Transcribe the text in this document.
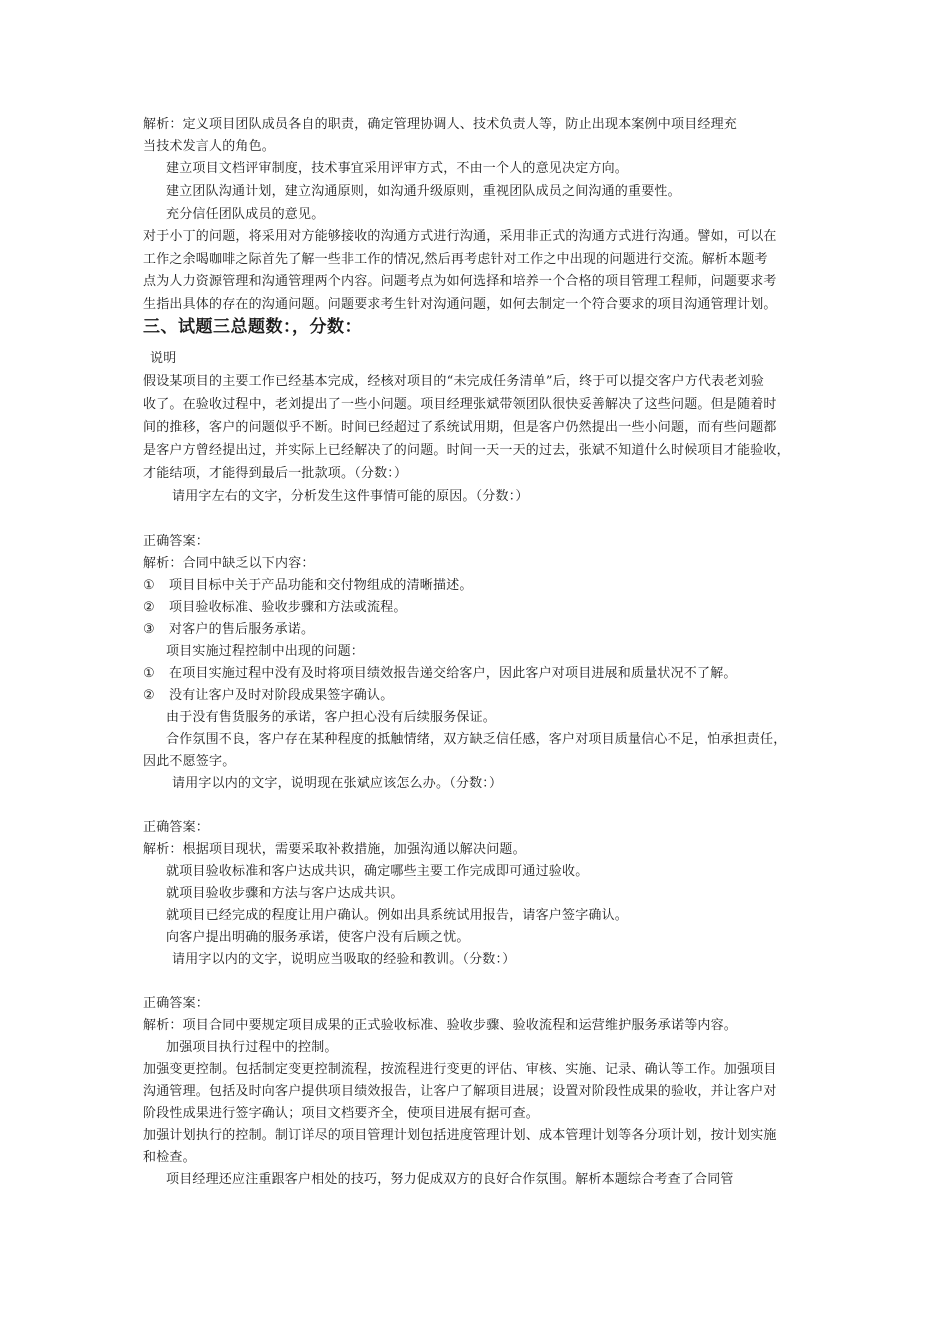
解析：定义项目团队成员各自的职责，确定管理协调人、技术负责人等，防止出现本案例中项目经理充
当技术发言人的角色。
建立项目文档评审制度，技术事宜采用评审方式，不由一个人的意见决定方向。
建立团队沟通计划，建立沟通原则，如沟通升级原则，重视团队成员之间沟通的重要性。
充分信任团队成员的意见。
对于小丁的问题，将采用对方能够接收的沟通方式进行沟通，采用非正式的沟通方式进行沟通。譬如，可以在
工作之余喝咖啡之际首先了解一些非工作的情况,然后再考虑针对工作之中出现的问题进行交流。解析本题考
点为人力资源管理和沟通管理两个内容。问题考点为如何选择和培养一个合格的项目管理工程师，问题要求考
生指出具体的存在的沟通问题。问题要求考生针对沟通问题，如何去制定一个符合要求的项目沟通管理计划。
三、试题三总题数：，分数：
说明
假设某项目的主要工作已经基本完成，经核对项目的“未完成任务清单”后，终于可以提交客户方代表老刘验
收了。在验收过程中，老刘提出了一些小问题。项目经理张斌带领团队很快妥善解决了这些问题。但是随着时
间的推移，客户的问题似乎不断。时间已经超过了系统试用期，但是客户仍然提出一些小问题，而有些问题都
是客户方曾经提出过，并实际上已经解决了的问题。时间一天一天的过去，张斌不知道什么时候项目才能验收，
才能结项，才能得到最后一批款项。（分数：）
请用字左右的文字，分析发生这件事情可能的原因。（分数：）
正确答案：
解析：合同中缺乏以下内容：
① 项目目标中关于产品功能和交付物组成的清晰描述。
② 项目验收标准、验收步骤和方法或流程。
③ 对客户的售后服务承诺。
项目实施过程控制中出现的问题：
① 在项目实施过程中没有及时将项目绩效报告递交给客户，因此客户对项目进展和质量状况不了解。
② 没有让客户及时对阶段成果签字确认。
由于没有售货服务的承诺，客户担心没有后续服务保证。
合作氛围不良，客户存在某种程度的抵触情绪，双方缺乏信任感，客户对项目质量信心不足，怕承担责任，
因此不愿签字。
请用字以内的文字，说明现在张斌应该怎么办。（分数：）
正确答案：
解析：根据项目现状，需要采取补救措施，加强沟通以解决问题。
就项目验收标准和客户达成共识，确定哪些主要工作完成即可通过验收。
就项目验收步骤和方法与客户达成共识。
就项目已经完成的程度让用户确认。例如出具系统试用报告，请客户签字确认。
向客户提出明确的服务承诺，使客户没有后顾之忧。
请用字以内的文字，说明应当吸取的经验和教训。（分数：）
正确答案：
解析：项目合同中要规定项目成果的正式验收标准、验收步骤、验收流程和运营维护服务承诺等内容。
加强项目执行过程中的控制。
加强变更控制。包括制定变更控制流程，按流程进行变更的评估、审核、实施、记录、确认等工作。加强项目
沟通管理。包括及时向客户提供项目绩效报告，让客户了解项目进展；设置对阶段性成果的验收，并让客户对
阶段性成果进行签字确认；项目文档要齐全，使项目进展有据可查。
加强计划执行的控制。制订详尽的项目管理计划包括进度管理计划、成本管理计划等各分项计划，按计划实施
和检查。
项目经理还应注重跟客户相处的技巧，努力促成双方的良好合作氛围。解析本题综合考查了合同管
